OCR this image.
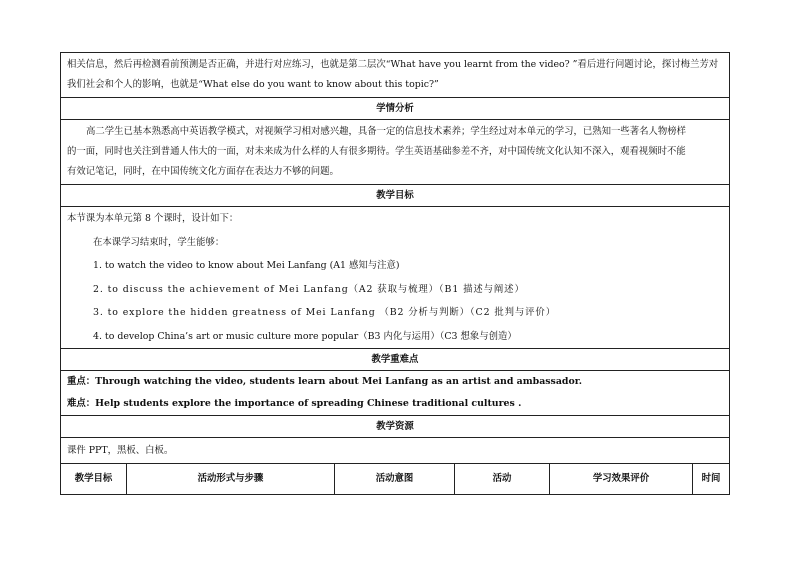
相关信息，然后再检测看前预测是否正确，并进行对应练习，也就是第二层次“What have you learnt from the video? ”看后进行问题讨论，探讨梅兰芳对
我们社会和个人的影响，也就是“What else do you want to know about this topic?”
学情分析
高二学生已基本熟悉高中英语教学模式，对视频学习相对感兴趣，具备一定的信息技术素养；学生经过对本单元的学习，已熟知一些著名人物榜样
的一面，同时也关注到普通人伟大的一面，对未来成为什么样的人有很多期待。学生英语基础参差不齐，对中国传统文化认知不深入，观看视频时不能
有效记笔记，同时，在中国传统文化方面存在表达力不够的问题。
教学目标
本节课为本单元第 8 个课时，设计如下：
在本课学习结束时，学生能够：
1. to watch the video to know about Mei Lanfang (A1 感知与注意)
2. to discuss the achievement of Mei Lanfang（A2 获取与梳理）（B1 描述与阐述）
3. to explore the hidden greatness of Mei Lanfang （B2 分析与判断）（C2 批判与评价）
4. to develop China’s art or music culture more popular（B3 内化与运用）（C3 想象与创造）
教学重难点
重点：Through watching the video, students learn about Mei Lanfang as an artist and ambassador.
难点：Help students explore the importance of spreading Chinese traditional cultures .
教学资源
课件 PPT，黑板、白板。
教学目标	活动形式与步骤	活动意图	活动	学习效果评价	时间
